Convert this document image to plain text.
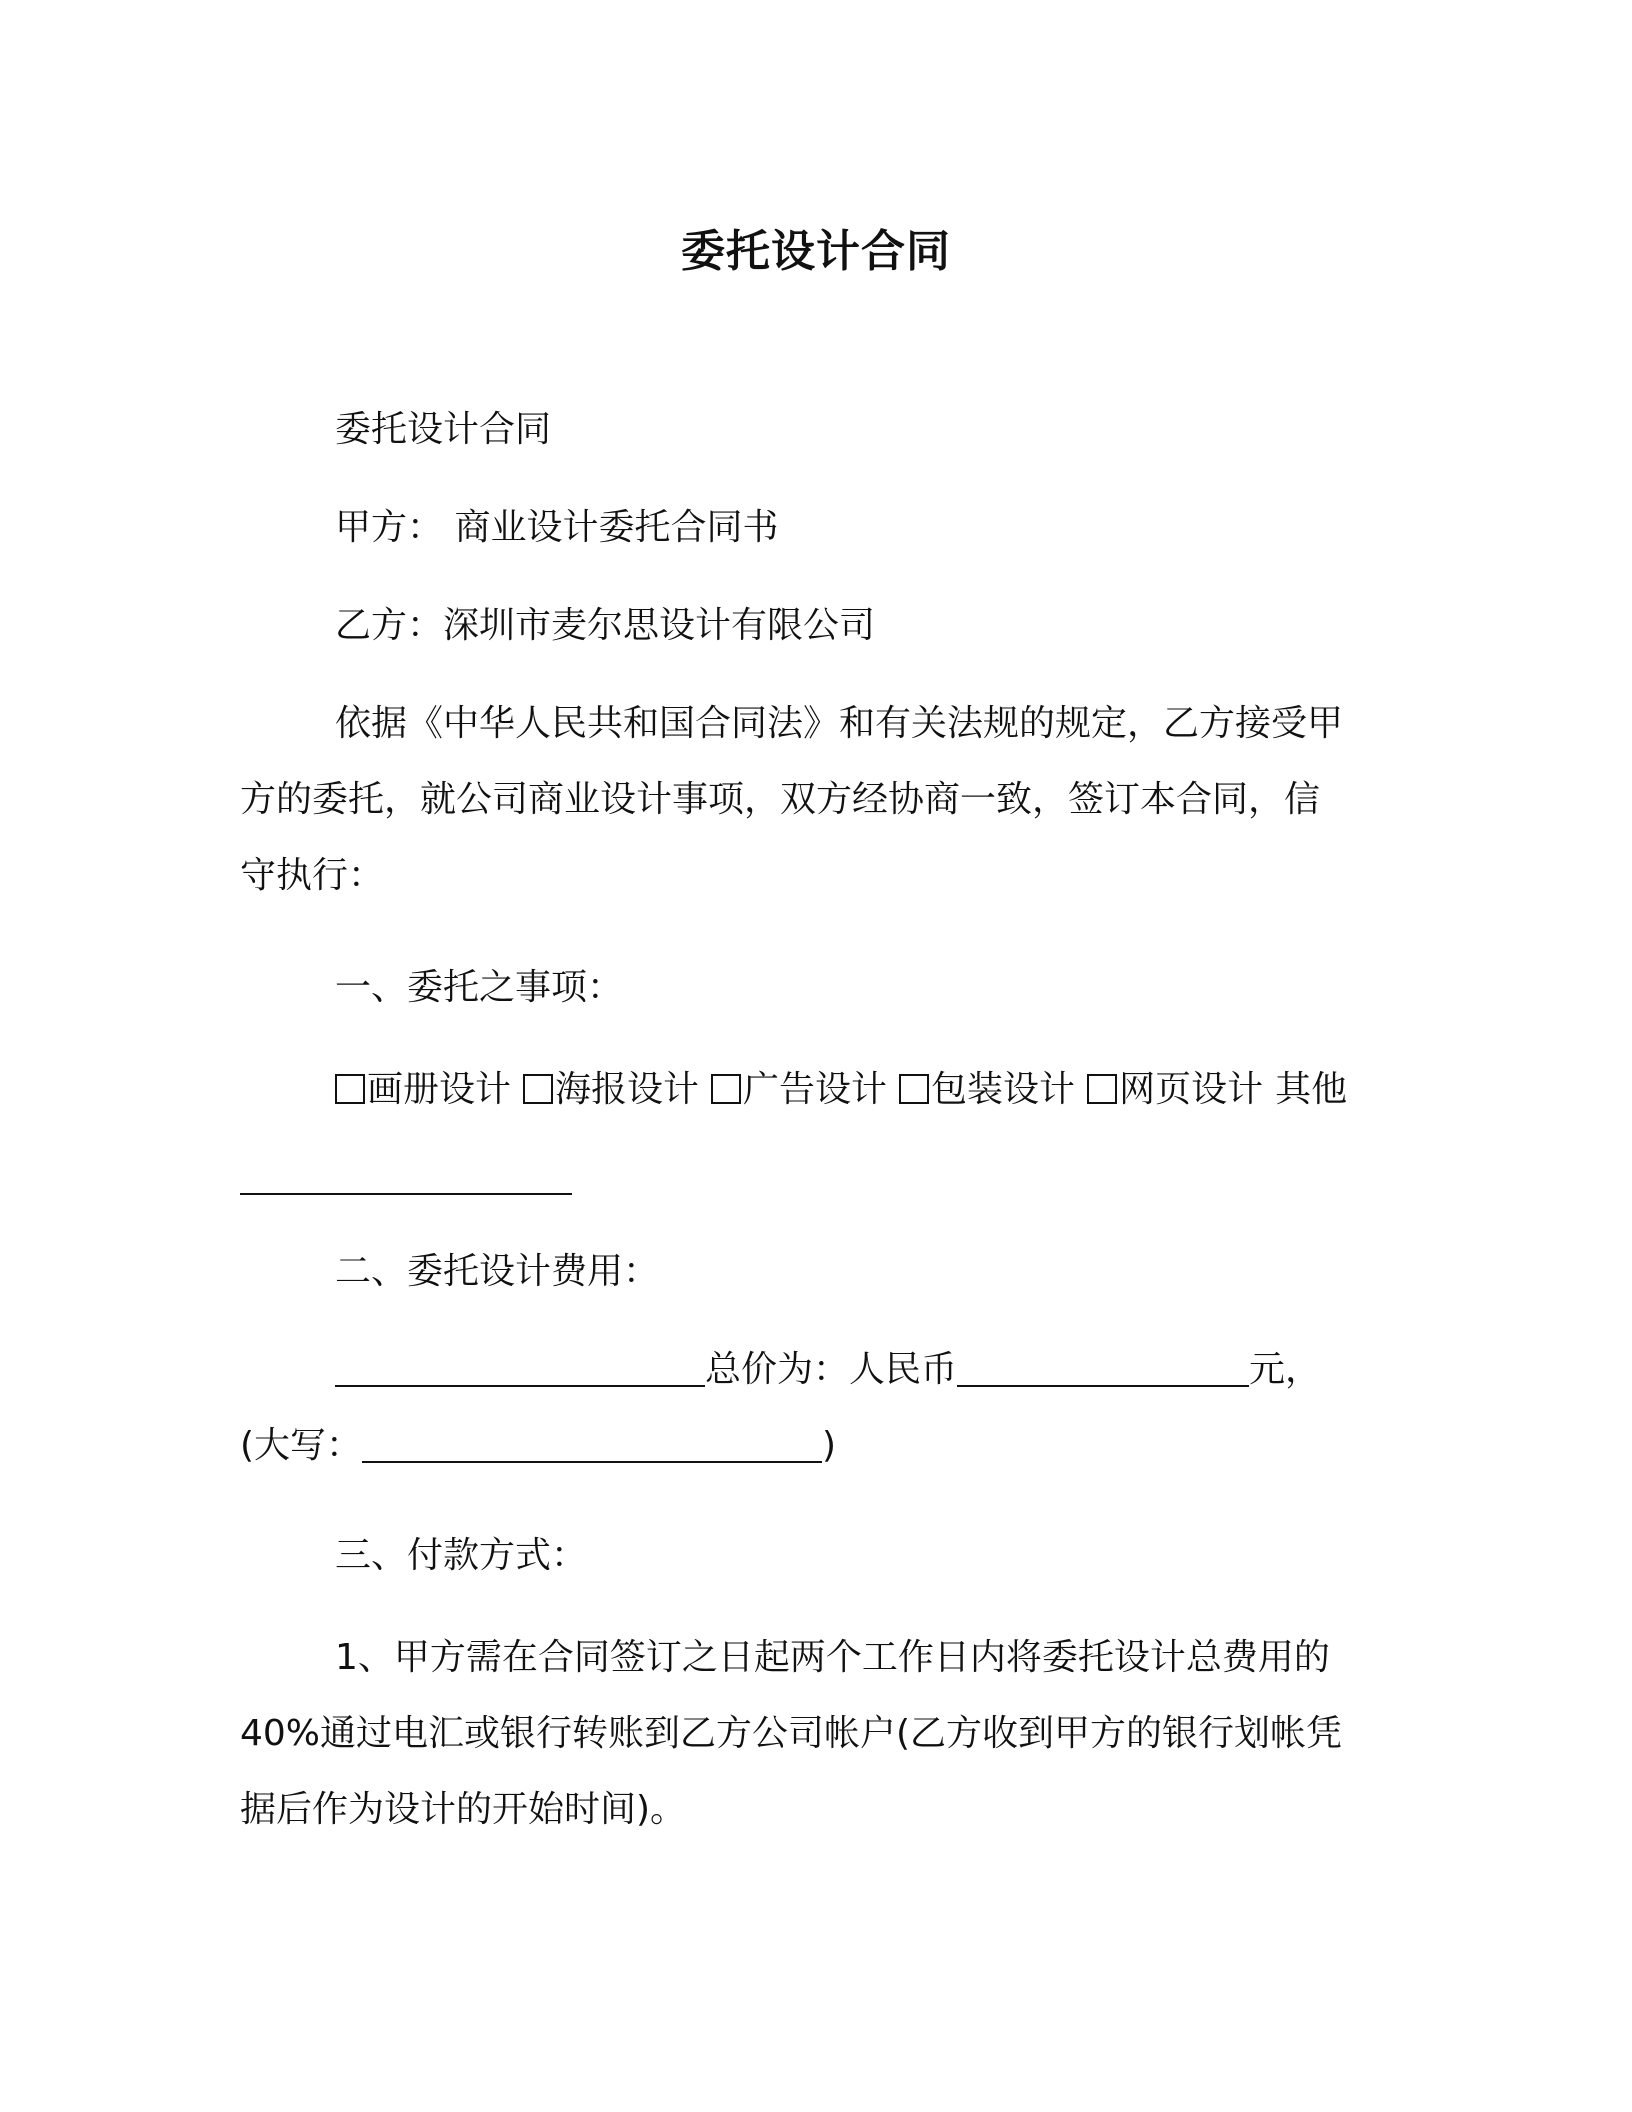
委托设计合同
委托设计合同
甲方： 商业设计委托合同书
乙方：深圳市麦尔思设计有限公司
依据《中华人民共和国合同法》和有关法规的规定，乙方接受甲
方的委托，就公司商业设计事项，双方经协商一致，签订本合同，信
守执行：
一、委托之事项：
画册设计 海报设计 广告设计 包装设计 网页设计 其他
二、委托设计费用：
总价为：人民币	元，
(大写：	)
三、付款方式：
1、甲方需在合同签订之日起两个工作日内将委托设计总费用的
40%通过电汇或银行转账到乙方公司帐户(乙方收到甲方的银行划帐凭
据后作为设计的开始时间)。
